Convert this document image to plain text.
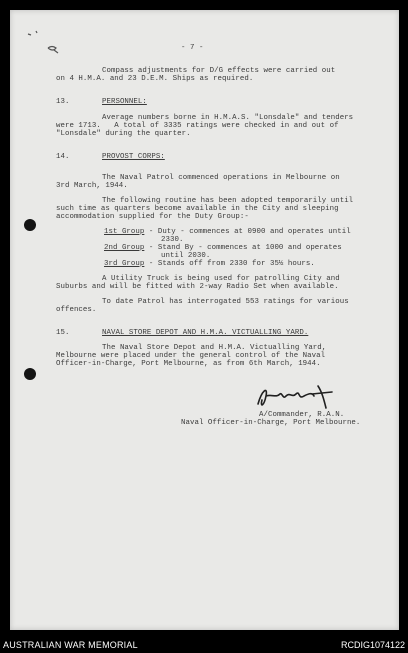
- 7 -
Compass adjustments for D/G effects were carried out
on 4 H.M.A. and 23 D.E.M. Ships as required.
13.	PERSONNEL:
Average numbers borne in H.M.A.S. "Lonsdale" and tenders
were 1713.   A total of 3335 ratings were checked in and out of
"Lonsdale" during the quarter.
14.	PROVOST CORPS:
The Naval Patrol commenced operations in Melbourne on
3rd March, 1944.
The following routine has been adopted temporarily until
such time as quarters become available in the City and sleeping
accommodation supplied for the Duty Group:-
1st Group - Duty - commences at 0900 and operates until
2330.
2nd Group - Stand By - commences at 1000 and operates
until 2030.
3rd Group - Stands off from 2330 for 35½ hours.
A Utility Truck is being used for patrolling City and
Suburbs and will be fitted with 2-way Radio Set when available.
To date Patrol has interrogated 553 ratings for various
offences.
15.	NAVAL STORE DEPOT AND H.M.A. VICTUALLING YARD.
The Naval Store Depot and H.M.A. Victualling Yard,
Melbourne were placed under the general control of the Naval
Officer-in-Charge, Port Melbourne, as from 6th March, 1944.
A/Commander, R.A.N.
Naval Officer-in-Charge, Port Melbourne.
AUSTRALIAN WAR MEMORIAL	RCDIG1074122
